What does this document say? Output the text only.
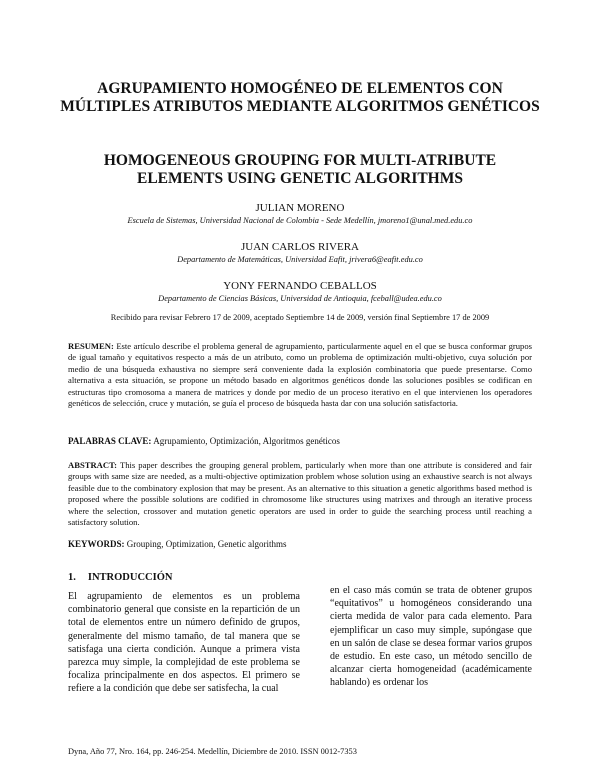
AGRUPAMIENTO HOMOGÉNEO DE ELEMENTOS CON MÚLTIPLES ATRIBUTOS MEDIANTE ALGORITMOS GENÉTICOS
HOMOGENEOUS GROUPING FOR MULTI-ATRIBUTE ELEMENTS USING GENETIC ALGORITHMS

JULIAN MORENO

Escuela de Sistemas, Universidad Nacional de Colombia - Sede Medellín, jmoreno1@unal.med.edu.co

JUAN CARLOS RIVERA

Departamento de Matemáticas, Universidad Eafit, jrivera6@eafit.edu.co

YONY FERNANDO CEBALLOS

Departamento de Ciencias Básicas, Universidad de Antioquia, fceball@udea.edu.co

Recibido para revisar Febrero 17 de 2009, aceptado Septiembre 14 de 2009, versión final Septiembre 17 de 2009

RESUMEN: Este artículo describe el problema general de agrupamiento, particularmente aquel en el que se busca conformar grupos de igual tamaño y equitativos respecto a más de un atributo, como un problema de optimización multi-objetivo, cuya solución por medio de una búsqueda exhaustiva no siempre será conveniente dada la explosión combinatoria que puede presentarse. Como alternativa a esta situación, se propone un método basado en algoritmos genéticos donde las soluciones posibles se codifican en estructuras tipo cromosoma a manera de matrices y donde por medio de un proceso iterativo en el que intervienen los operadores genéticos de selección, cruce y mutación, se guía el proceso de búsqueda hasta dar con una solución satisfactoria.

PALABRAS CLAVE: Agrupamiento, Optimización, Algoritmos genéticos

ABSTRACT: This paper describes the grouping general problem, particularly when more than one attribute is considered and fair groups with same size are needed, as a multi-objective optimization problem whose solution using an exhaustive search is not always feasible due to the combinatory explosion that may be present. As an alternative to this situation a genetic algorithms based method is proposed where the possible solutions are codified in chromosome like structures using matrixes and through an iterative process where the selection, crossover and mutation genetic operators are used in order to guide the searching process until reaching a satisfactory solution.

KEYWORDS: Grouping, Optimization, Genetic algorithms

1. INTRODUCCIÓN

El agrupamiento de elementos es un problema combinatorio general que consiste en la repartición de un total de elementos entre un número definido de grupos, generalmente del mismo tamaño, de tal manera que se satisfaga una cierta condición. Aunque a primera vista parezca muy simple, la complejidad de este problema se focaliza principalmente en dos aspectos. El primero se refiere a la condición que debe ser satisfecha, la cual

en el caso más común se trata de obtener grupos “equitativos” u homogéneos considerando una cierta medida de valor para cada elemento. Para ejemplificar un caso muy simple, supóngase que en un salón de clase se desea formar varios grupos de estudio. En este caso, un método sencillo de alcanzar cierta homogeneidad (académicamente hablando) es ordenar los

Dyna, Año 77, Nro. 164, pp. 246-254. Medellín, Diciembre de 2010. ISSN 0012-7353
